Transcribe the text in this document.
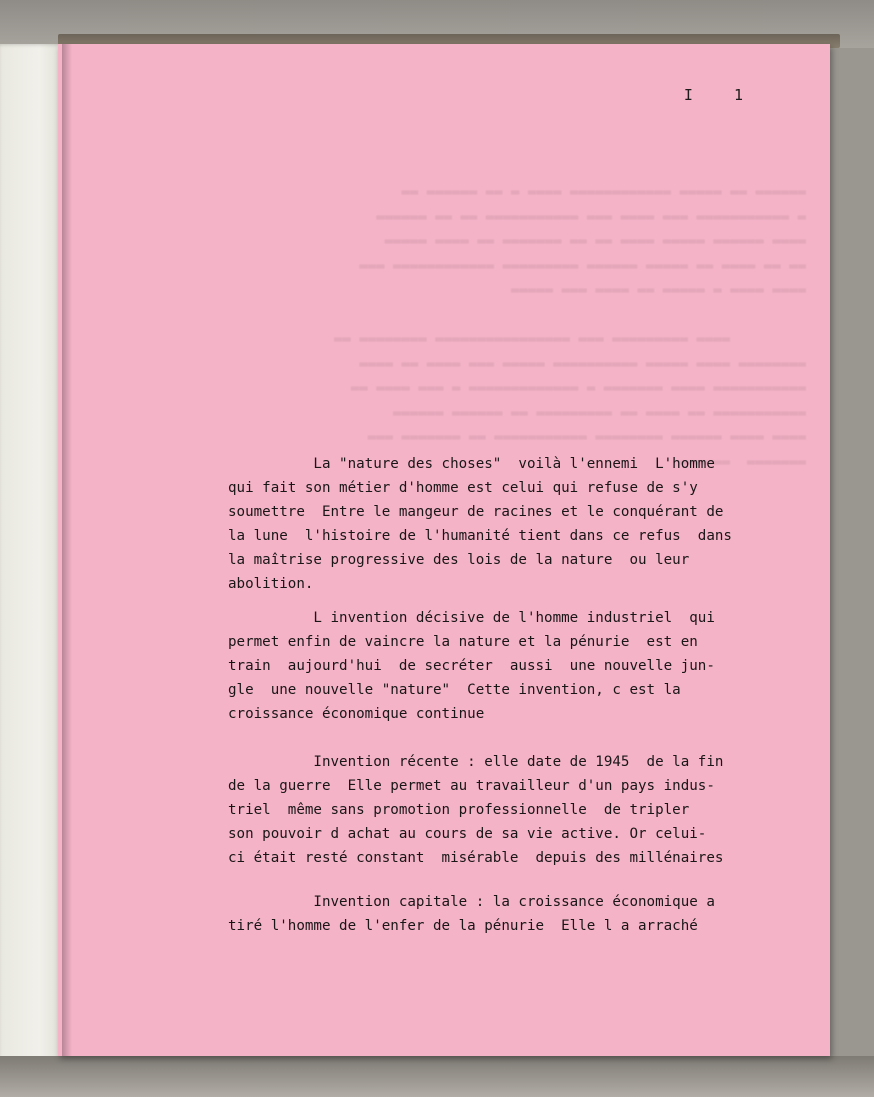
I    1
▬▬▬▬▬▬ ▬▬ ▬▬▬▬▬ ▬▬▬▬▬▬▬▬▬▬▬▬ ▬▬▬▬ ▬ ▬▬ ▬▬▬▬▬▬ ▬▬
▬ ▬▬▬▬▬▬▬▬▬▬▬ ▬▬▬ ▬▬▬▬ ▬▬▬ ▬▬▬▬▬▬▬▬▬▬▬ ▬▬ ▬▬ ▬▬▬▬▬▬
▬▬▬▬ ▬▬▬▬▬▬ ▬▬▬▬▬ ▬▬▬▬ ▬▬ ▬▬ ▬▬▬▬▬▬▬ ▬▬ ▬▬▬▬ ▬▬▬▬▬
▬▬ ▬▬ ▬▬▬▬ ▬▬ ▬▬▬▬▬ ▬▬▬▬▬▬ ▬▬▬▬▬▬▬▬▬ ▬▬▬▬▬▬▬▬▬▬▬▬ ▬▬▬
▬▬▬▬ ▬▬▬▬ ▬ ▬▬▬▬▬ ▬▬ ▬▬▬▬ ▬▬▬ ▬▬▬▬▬

▬▬▬▬ ▬▬▬▬▬▬▬▬▬ ▬▬▬ ▬▬▬▬▬▬▬▬▬▬▬▬▬▬▬▬ ▬▬▬▬▬▬▬▬ ▬▬
▬▬▬▬▬▬▬▬ ▬▬▬▬ ▬▬▬▬▬ ▬▬▬▬▬▬▬▬▬▬ ▬▬▬▬▬ ▬▬▬ ▬▬▬▬ ▬▬ ▬▬▬▬
▬▬▬▬▬▬▬▬▬▬▬ ▬▬▬▬ ▬▬▬▬▬▬▬ ▬ ▬▬▬▬▬▬▬▬▬▬▬▬▬ ▬ ▬▬▬ ▬▬▬▬ ▬▬
▬▬▬▬▬▬▬▬▬▬▬ ▬▬ ▬▬▬▬ ▬▬ ▬▬▬▬▬▬▬▬▬ ▬▬ ▬▬▬▬▬▬ ▬▬▬▬▬▬
▬▬▬▬ ▬▬▬▬ ▬▬▬▬▬▬ ▬▬▬▬▬▬▬▬ ▬▬▬▬▬▬▬▬▬▬▬ ▬▬ ▬▬▬▬▬▬▬ ▬▬▬
▬▬▬▬▬▬▬  ▬▬▬▬▬▬
La "nature des choses"  voilà l'ennemi  L'homme
qui fait son métier d'homme est celui qui refuse de s'y
soumettre  Entre le mangeur de racines et le conquérant de
la lune  l'histoire de l'humanité tient dans ce refus  dans
la maîtrise progressive des lois de la nature  ou leur
abolition.
L invention décisive de l'homme industriel  qui
permet enfin de vaincre la nature et la pénurie  est en
train  aujourd'hui  de secréter  aussi  une nouvelle jun-
gle  une nouvelle "nature"  Cette invention, c est la
croissance économique continue
Invention récente : elle date de 1945  de la fin
de la guerre  Elle permet au travailleur d'un pays indus-
triel  même sans promotion professionnelle  de tripler
son pouvoir d achat au cours de sa vie active. Or celui-
ci était resté constant  misérable  depuis des millénaires
Invention capitale : la croissance économique a
tiré l'homme de l'enfer de la pénurie  Elle l a arraché
